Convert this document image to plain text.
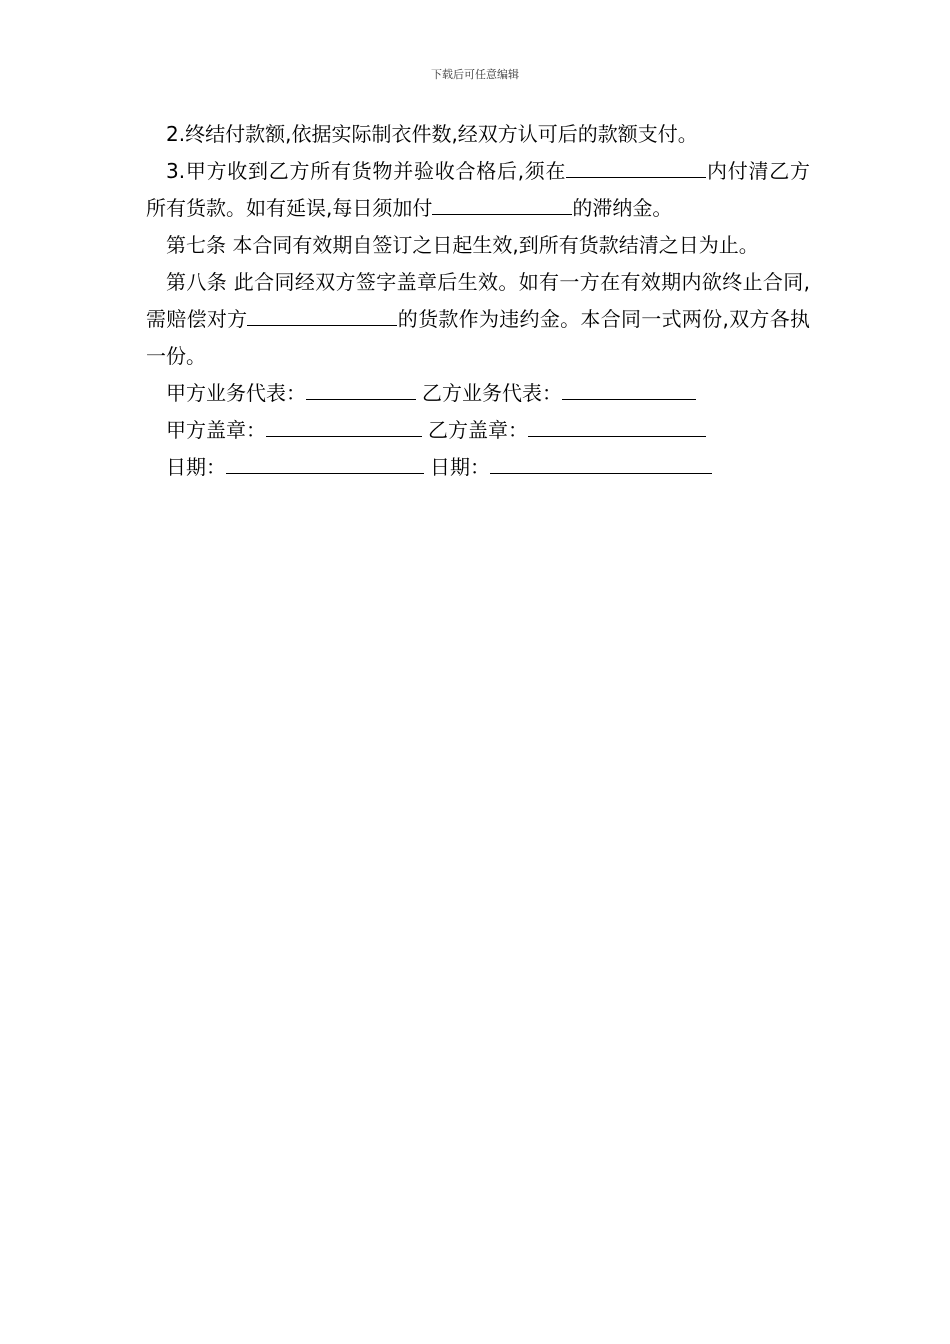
下载后可任意编辑

2.终结付款额,依据实际制衣件数,经双方认可后的款额支付。

3.甲方收到乙方所有货物并验收合格后,须在	内付清乙方所有货款。如有延误,每日须加付	的滞纳金。

第七条 本合同有效期自签订之日起生效,到所有货款结清之日为止。

第八条 此合同经双方签字盖章后生效。如有一方在有效期内欲终止合同,需赔偿对方	的货款作为违约金。本合同一式两份,双方各执一份。

甲方业务代表：	乙方业务代表：

甲方盖章：	乙方盖章：

日期：	日期：
